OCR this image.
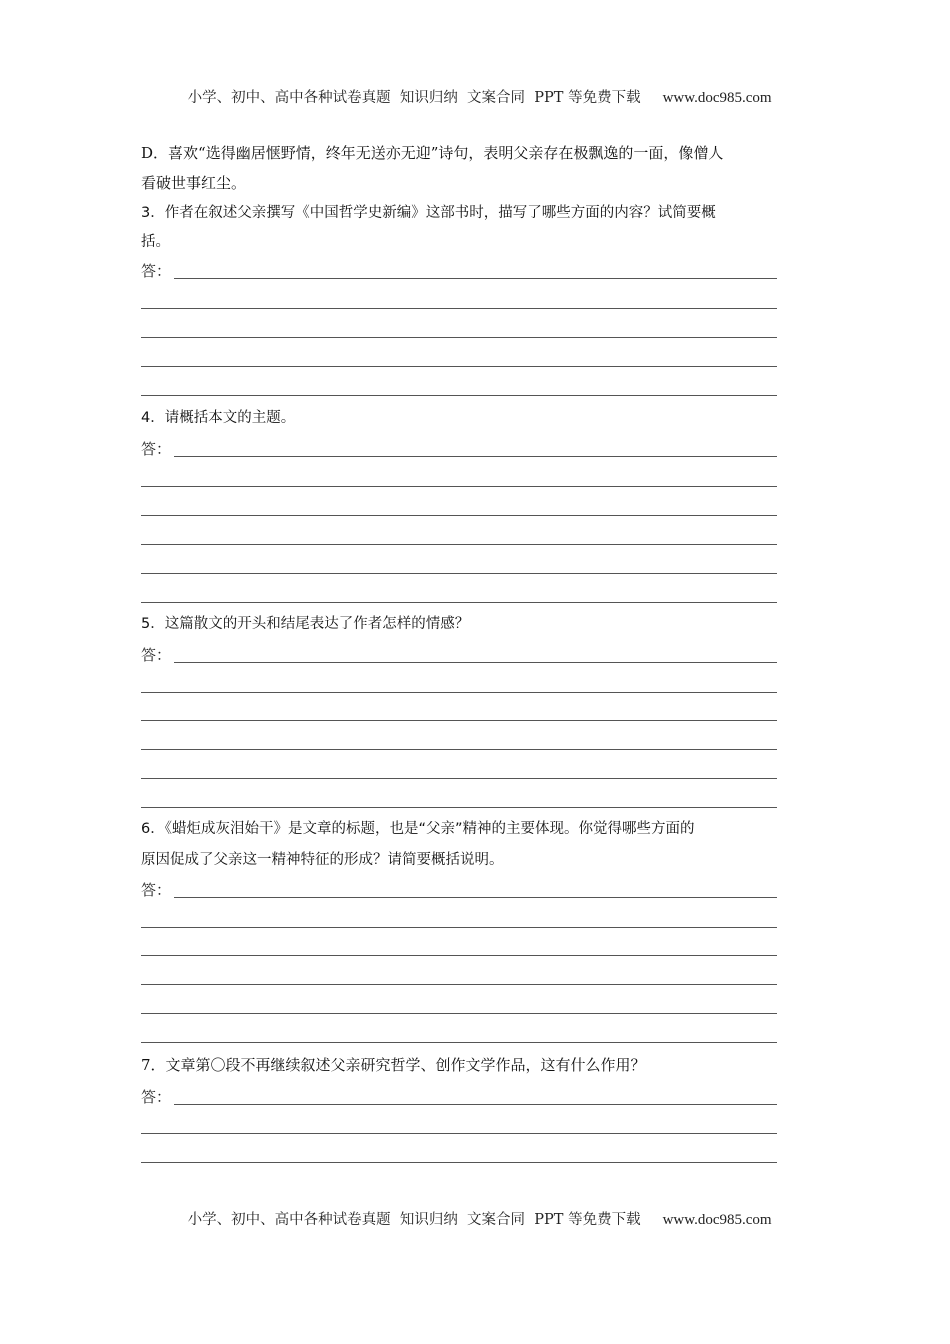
小学、初中、高中各种试卷真题  知识归纳  文案合同  PPT 等免费下载 www.doc985.com

D．喜欢“选得幽居惬野情，终年无送亦无迎”诗句，表明父亲存在极飘逸的一面，像僧人
看破世事红尘。
3．作者在叙述父亲撰写《中国哲学史新编》这部书时，描写了哪些方面的内容？试简要概
括。
答：
4．请概括本文的主题。
答：
5．这篇散文的开头和结尾表达了作者怎样的情感？
答：
6．《蜡炬成灰泪始干》是文章的标题，也是“父亲”精神的主要体现。你觉得哪些方面的
原因促成了父亲这一精神特征的形成？请简要概括说明。
答：
7．文章第〇段不再继续叙述父亲研究哲学、创作文学作品，这有什么作用？
答：

小学、初中、高中各种试卷真题  知识归纳  文案合同  PPT 等免费下载 www.doc985.com
